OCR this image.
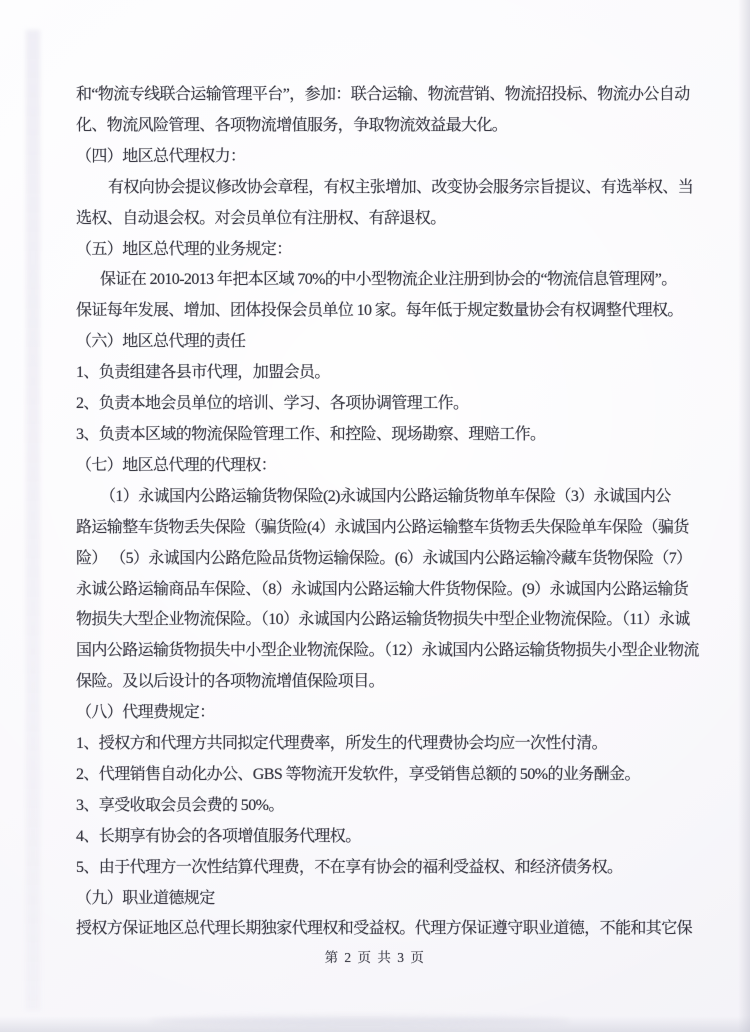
和“物流专线联合运输管理平台”，参加：联合运输、物流营销、物流招投标、物流办公自动
化、物流风险管理、各项物流增值服务，争取物流效益最大化。
（四）地区总代理权力：
有权向协会提议修改协会章程，有权主张增加、改变协会服务宗旨提议、有选举权、当
选权、自动退会权。对会员单位有注册权、有辞退权。
（五）地区总代理的业务规定：
保证在 2010-2013 年把本区域 70%的中小型物流企业注册到协会的“物流信息管理网”。
保证每年发展、增加、团体投保会员单位 10 家。每年低于规定数量协会有权调整代理权。
（六）地区总代理的责任
1、负责组建各县市代理，加盟会员。
2、负责本地会员单位的培训、学习、各项协调管理工作。
3、负责本区域的物流保险管理工作、和控险、现场勘察、理赔工作。
（七）地区总代理的代理权：
（1）永诚国内公路运输货物保险(2)永诚国内公路运输货物单车保险（3）永诚国内公
路运输整车货物丢失保险（骗货险(4）永诚国内公路运输整车货物丢失保险单车保险（骗货
险） （5）永诚国内公路危险品货物运输保险。(6）永诚国内公路运输冷藏车货物保险（7）
永诚公路运输商品车保险、（8）永诚国内公路运输大件货物保险。(9）永诚国内公路运输货
物损失大型企业物流保险。（10）永诚国内公路运输货物损失中型企业物流保险。（11）永诚
国内公路运输货物损失中小型企业物流保险。（12）永诚国内公路运输货物损失小型企业物流
保险。及以后设计的各项物流增值保险项目。
（八）代理费规定：
1、授权方和代理方共同拟定代理费率，所发生的代理费协会均应一次性付清。
2、代理销售自动化办公、GBS 等物流开发软件，享受销售总额的 50%的业务酬金。
3、享受收取会员会费的 50%。
4、长期享有协会的各项增值服务代理权。
5、由于代理方一次性结算代理费，不在享有协会的福利受益权、和经济债务权。
（九）职业道德规定
授权方保证地区总代理长期独家代理权和受益权。代理方保证遵守职业道德，不能和其它保
第 2 页 共 3 页
